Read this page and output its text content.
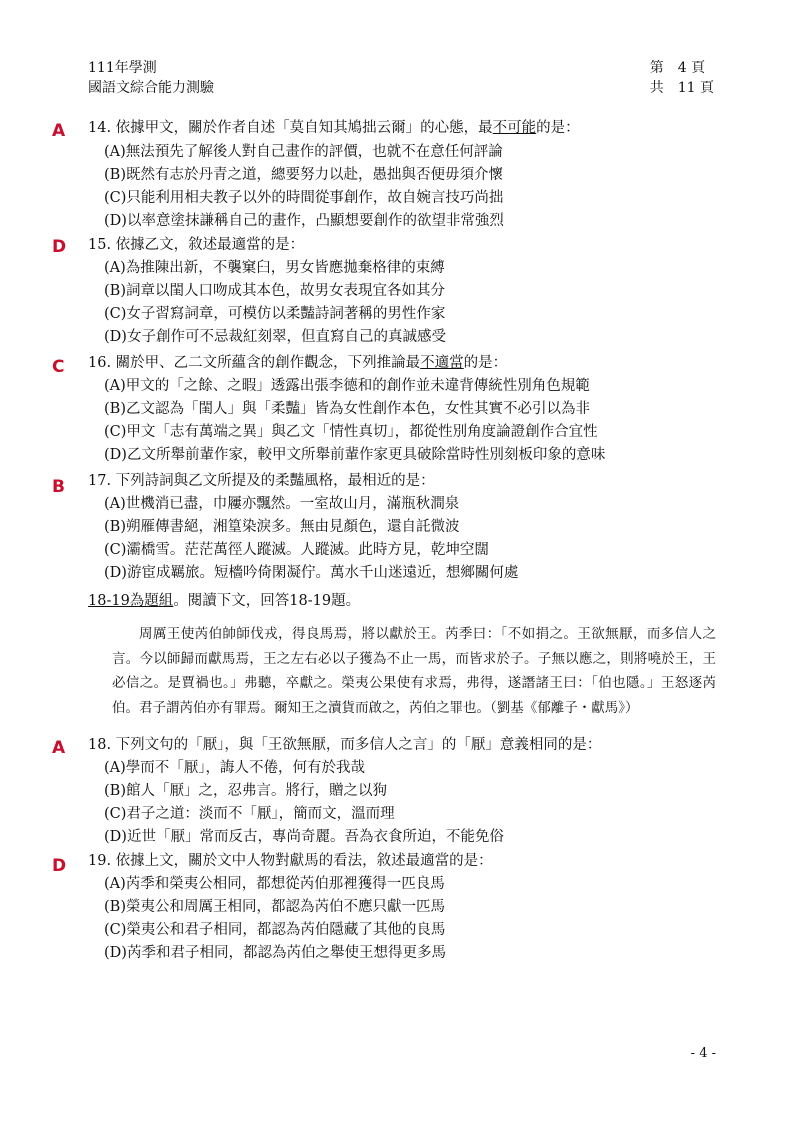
111年學測
國語文綜合能力測驗
第　4 頁
共　11 頁
A 14. 依據甲文，關於作者自述「莫自知其鳩拙云爾」的心態，最不可能的是：
(A)無法預先了解後人對自己畫作的評價，也就不在意任何評論
(B)既然有志於丹青之道，總要努力以赴，愚拙與否便毋須介懷
(C)只能利用相夫教子以外的時間從事創作，故自婉言技巧尚拙
(D)以率意塗抹謙稱自己的畫作，凸顯想要創作的欲望非常強烈
D 15. 依據乙文，敘述最適當的是：
(A)為推陳出新，不襲窠臼，男女皆應拋棄格律的束縛
(B)詞章以閨人口吻成其本色，故男女表現宜各如其分
(C)女子習寫詞章，可模仿以柔豔詩詞著稱的男性作家
(D)女子創作可不忌裁紅刻翠，但直寫自己的真誠感受
C 16. 關於甲、乙二文所蘊含的創作觀念，下列推論最不適當的是：
(A)甲文的「之餘、之暇」透露出張李德和的創作並未違背傳統性別角色規範
(B)乙文認為「閨人」與「柔豔」皆為女性創作本色，女性其實不必引以為非
(C)甲文「志有萬端之異」與乙文「情性真切」，都從性別角度論證創作合宜性
(D)乙文所舉前輩作家，較甲文所舉前輩作家更具破除當時性別刻板印象的意味
B 17. 下列詩詞與乙文所提及的柔豔風格，最相近的是：
(A)世機消已盡，巾屨亦飄然。一室故山月，滿瓶秋澗泉
(B)朔雁傳書絕，湘篁染淚多。無由見顏色，還自託微波
(C)灞橋雪。茫茫萬徑人蹤滅。人蹤滅。此時方見，乾坤空闊
(D)游宦成羈旅。短檣吟倚閑凝佇。萬水千山迷遠近，想鄉關何處
18-19為題組。閱讀下文，回答18-19題。

周厲王使芮伯帥師伐戎，得良馬焉，將以獻於王。芮季曰：「不如捐之。王欲無厭，而多信人之言。今以師歸而獻馬焉，王之左右必以子獲為不止一馬，而皆求於子。子無以應之，則將嘵於王，王必信之。是賈禍也。」弗聽，卒獻之。榮夷公果使有求焉，弗得，遂譖諸王曰：「伯也隱。」王怒逐芮伯。君子謂芮伯亦有罪焉。爾知王之瀆貨而啟之，芮伯之罪也。（劉基《郁離子・獻馬》）

A 18. 下列文句的「厭」，與「王欲無厭，而多信人之言」的「厭」意義相同的是：
(A)學而不「厭」，誨人不倦，何有於我哉
(B)館人「厭」之，忍弗言。將行，贈之以狗
(C)君子之道：淡而不「厭」，簡而文，溫而理
(D)近世「厭」常而反古，專尚奇麗。吾為衣食所迫，不能免俗
D 19. 依據上文，關於文中人物對獻馬的看法，敘述最適當的是：
(A)芮季和榮夷公相同，都想從芮伯那裡獲得一匹良馬
(B)榮夷公和周厲王相同，都認為芮伯不應只獻一匹馬
(C)榮夷公和君子相同，都認為芮伯隱藏了其他的良馬
(D)芮季和君子相同，都認為芮伯之舉使王想得更多馬
- 4 -
